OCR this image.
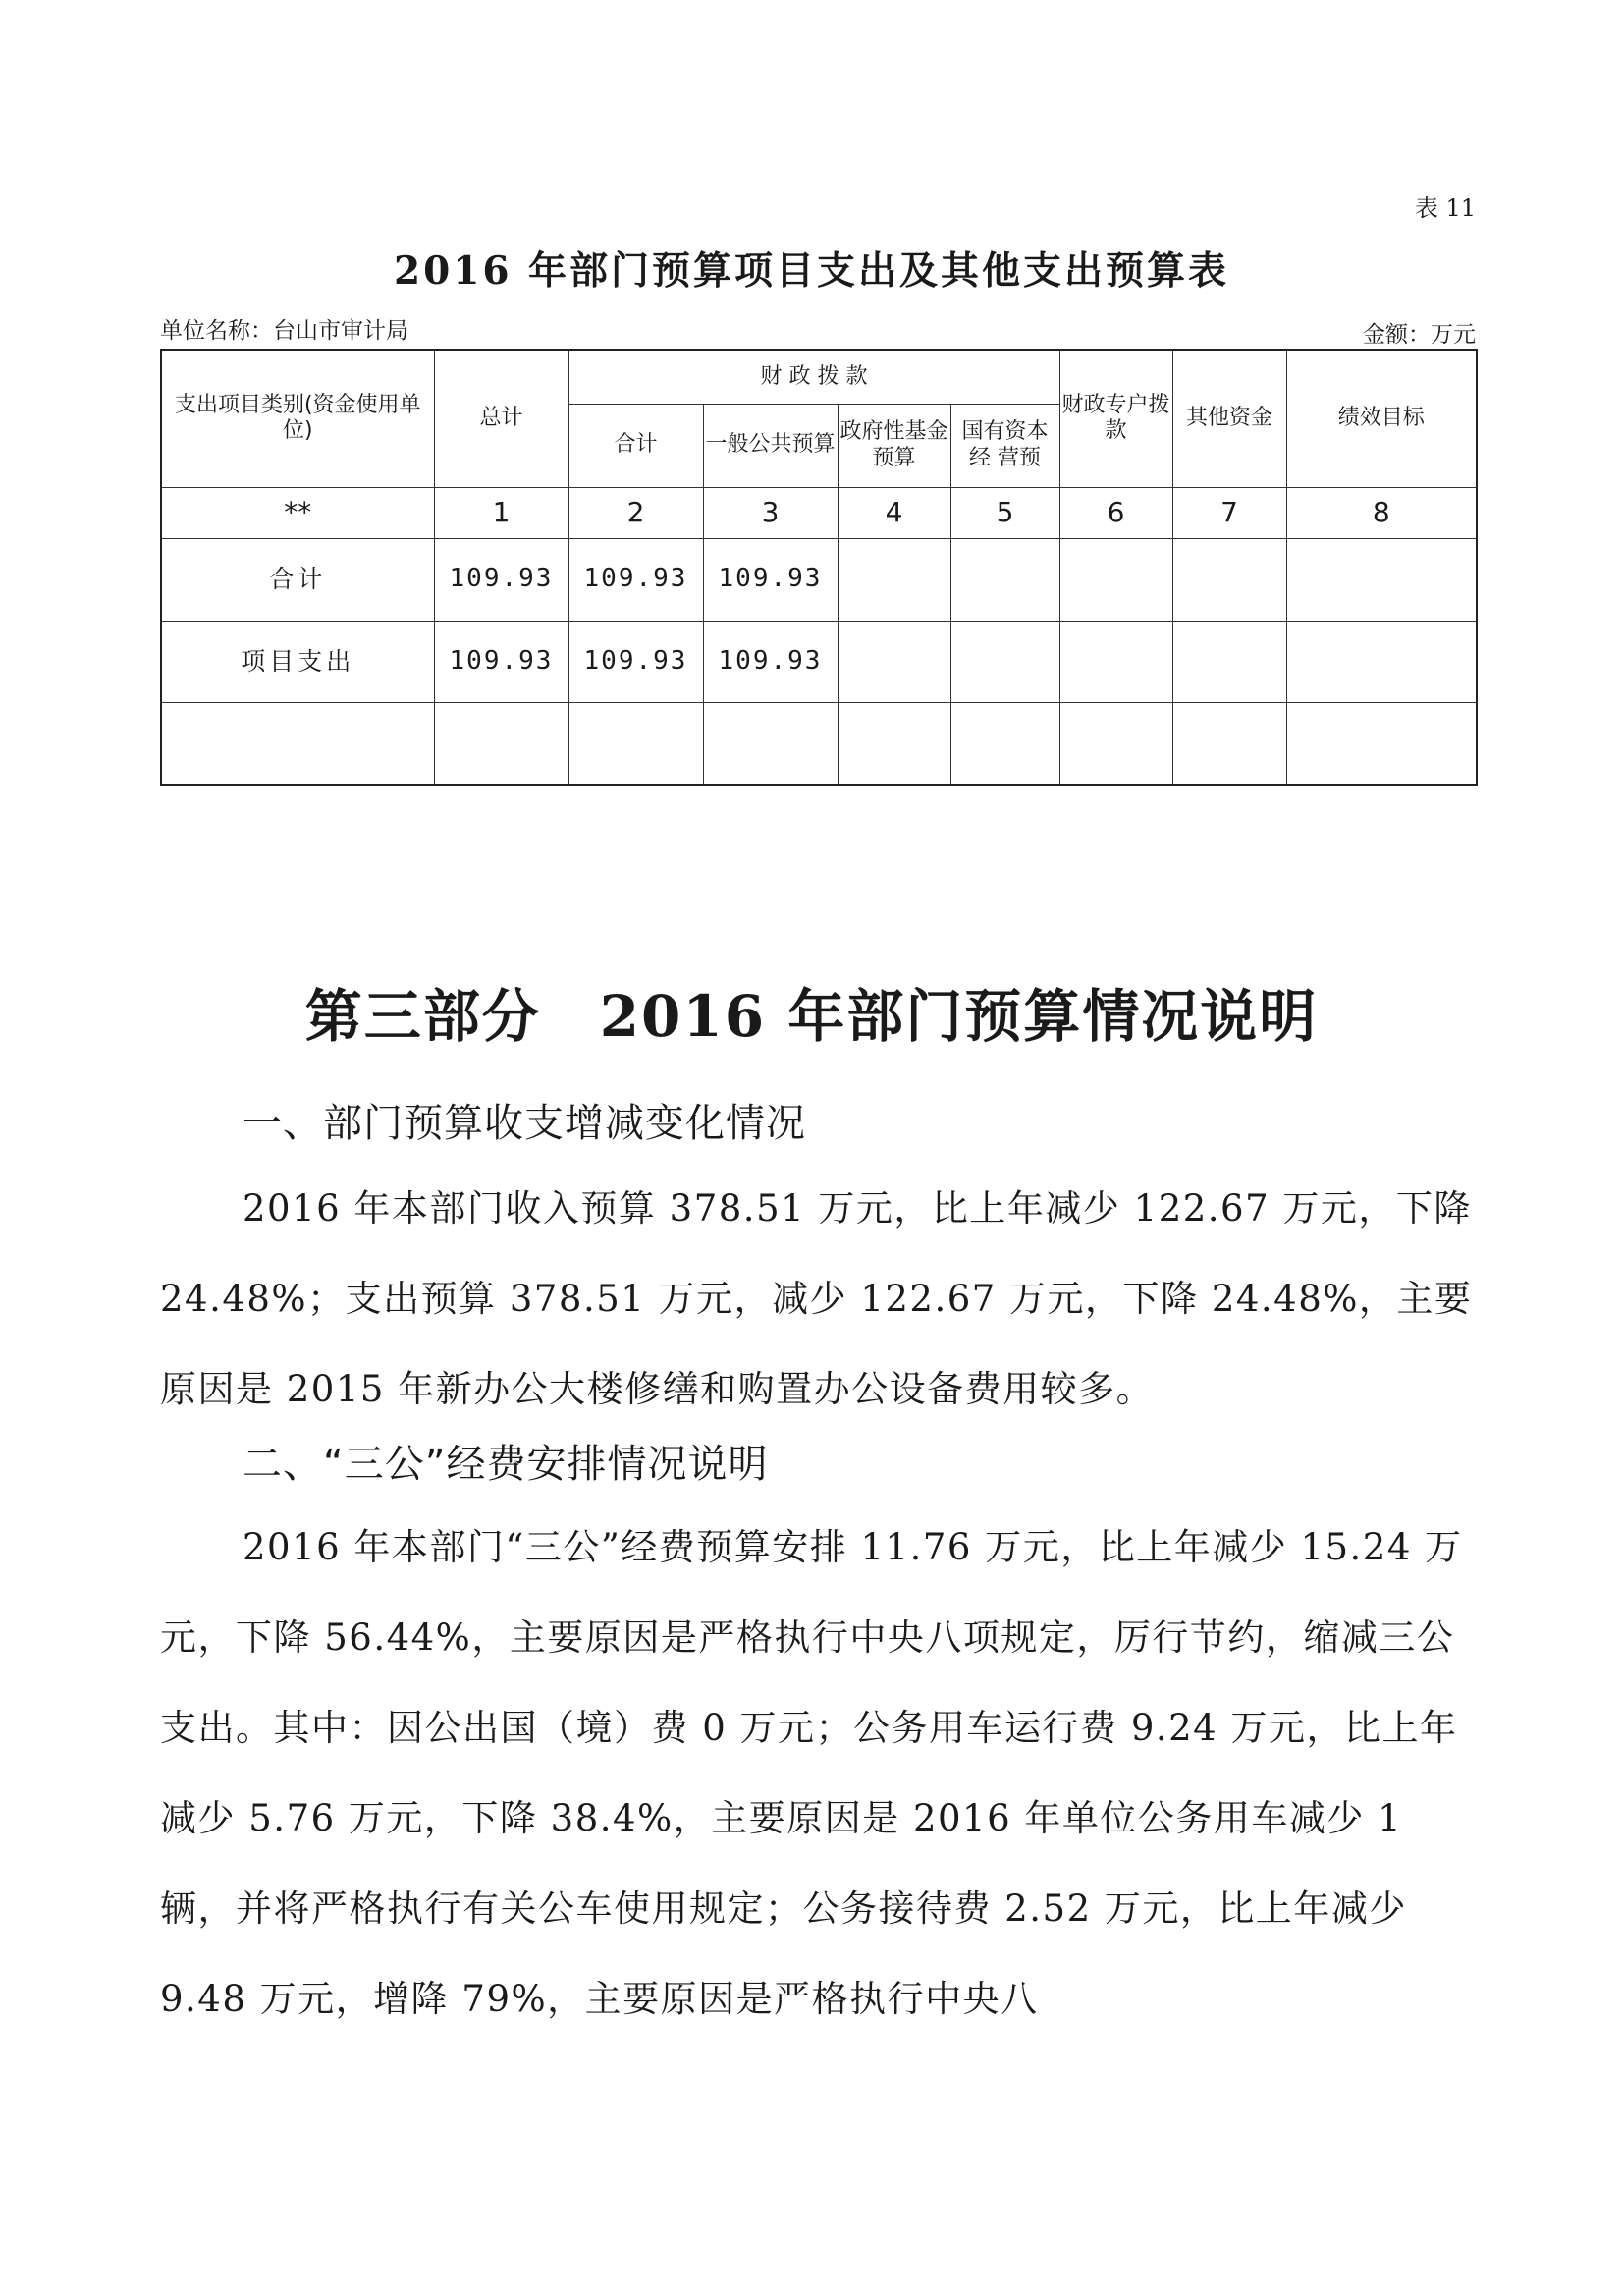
表 11
2016 年部门预算项目支出及其他支出预算表
单位名称：台山市审计局	金额：万元
支出项目类别(资金使用单 位)	总计	财 政 拨 款				财政专户拨款	其他资金	绩效目标
		合计	一般公共预算	政府性基金预算	国有资本经 营预			
**	1	2	3	4	5	6	7	8
合计	109.93	109.93	109.93					
项目支出	109.93	109.93	109.93					

第三部分　2016 年部门预算情况说明
一、部门预算收支增减变化情况
2016 年本部门收入预算 378.51 万元，比上年减少 122.67 万元，下降 24.48%；支出预算 378.51 万元，减少 122.67 万元，下降 24.48%，主要原因是 2015 年新办公大楼修缮和购置办公设备费用较多。
二、“三公”经费安排情况说明
2016 年本部门“三公”经费预算安排 11.76 万元，比上年减少 15.24 万元，下降 56.44%，主要原因是严格执行中央八项规定，厉行节约，缩减三公支出。其中：因公出国（境）费 0 万元；公务用车运行费 9.24 万元，比上年减少 5.76 万元，下降 38.4%，主要原因是 2016 年单位公务用车减少 1 辆，并将严格执行有关公车使用规定；公务接待费 2.52 万元，比上年减少 9.48 万元，增降 79%，主要原因是严格执行中央八
